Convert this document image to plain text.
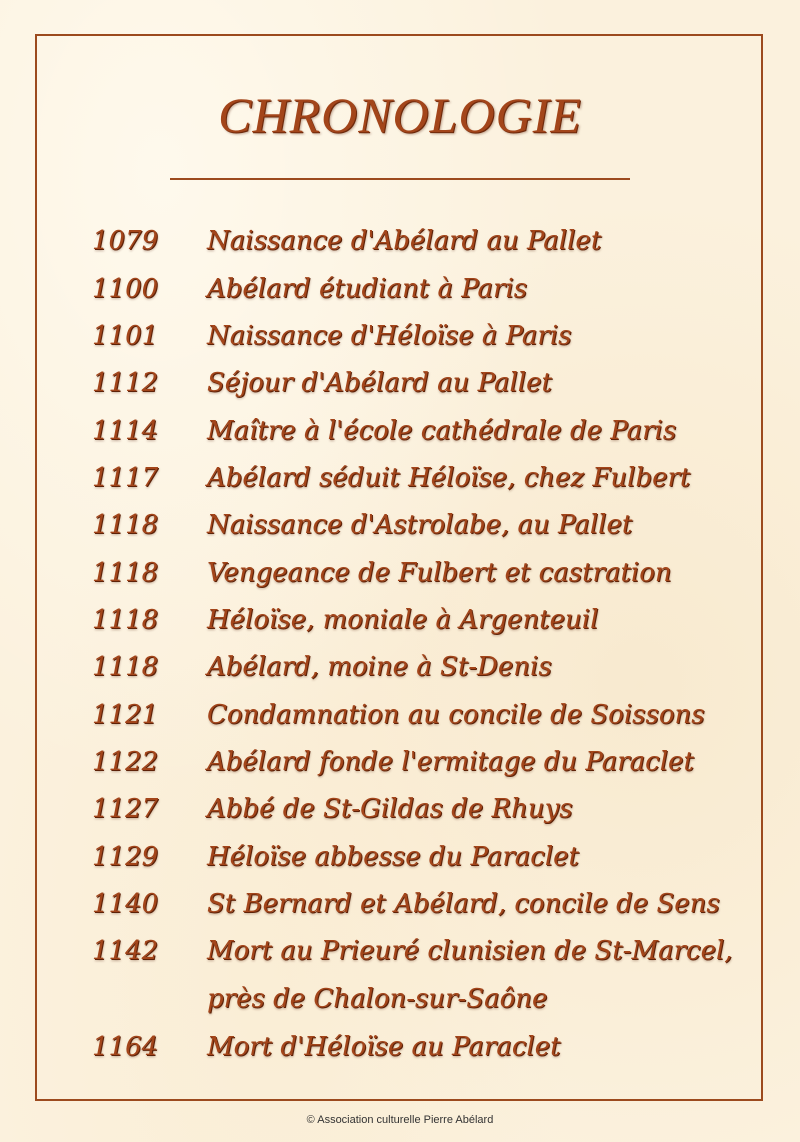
CHRONOLOGIE
1079	Naissance d'Abélard au Pallet
1100	Abélard étudiant à Paris
1101	Naissance d'Héloïse à Paris
1112	Séjour d'Abélard au Pallet
1114	Maître à l'école cathédrale de Paris
1117	Abélard séduit Héloïse, chez Fulbert
1118	Naissance d'Astrolabe, au Pallet
1118	Vengeance de Fulbert et castration
1118	Héloïse, moniale à Argenteuil
1118	Abélard, moine à St-Denis
1121	Condamnation au concile de Soissons
1122	Abélard fonde l'ermitage du Paraclet
1127	Abbé de St-Gildas de Rhuys
1129	Héloïse abbesse du Paraclet
1140	St Bernard et Abélard, concile de Sens
1142	Mort au Prieuré clunisien de St-Marcel,
près de Chalon-sur-Saône
1164	Mort d'Héloïse au Paraclet
© Association culturelle Pierre Abélard
